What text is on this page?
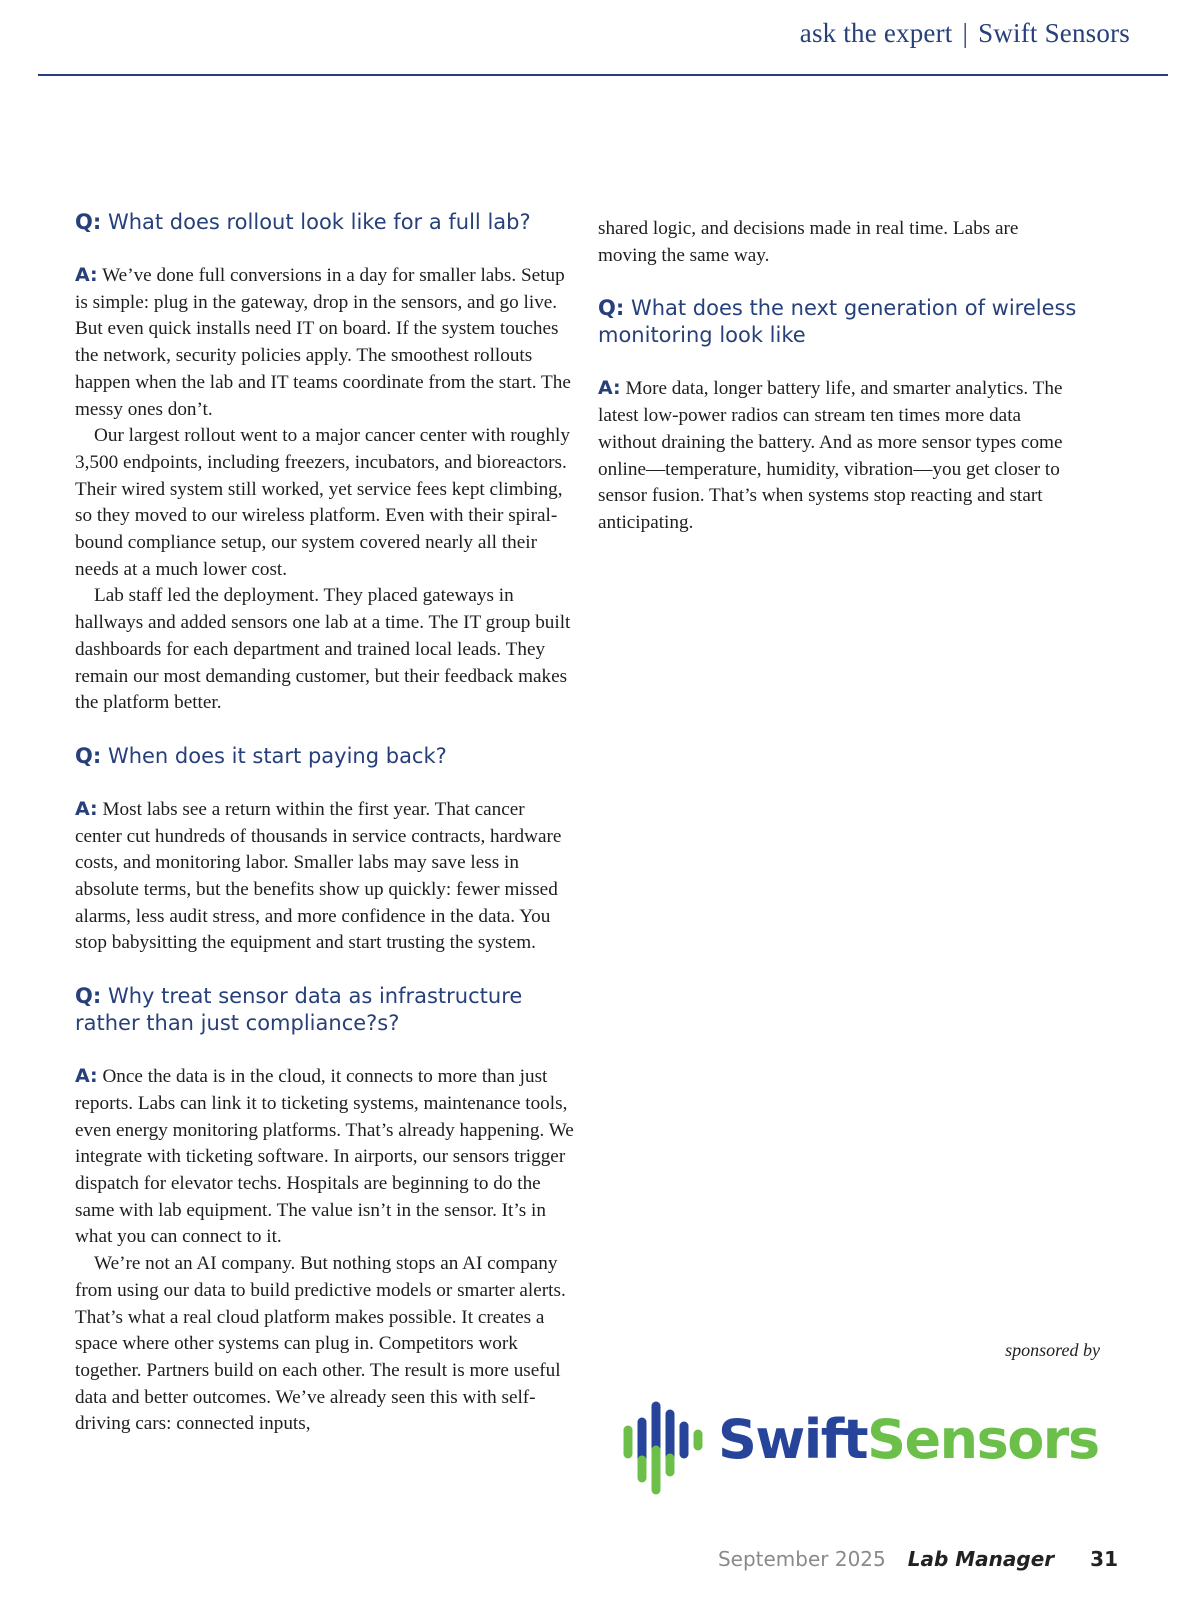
ask the expert | Swift Sensors
Q: What does rollout look like for a full lab?

A: We’ve done full conversions in a day for smaller labs. Setup is simple: plug in the gateway, drop in the sensors, and go live. But even quick installs need IT on board. If the system touches the network, security policies apply. The smoothest rollouts happen when the lab and IT teams coordinate from the start. The messy ones don’t.

Our largest rollout went to a major cancer center with roughly 3,500 endpoints, including freezers, incubators, and bioreactors. Their wired system still worked, yet service fees kept climbing, so they moved to our wireless platform. Even with their spiral-bound compliance setup, our system covered nearly all their needs at a much lower cost.

Lab staff led the deployment. They placed gateways in hallways and added sensors one lab at a time. The IT group built dashboards for each department and trained local leads. They remain our most demanding customer, but their feedback makes the platform better.

Q: When does it start paying back?

A: Most labs see a return within the first year. That cancer center cut hundreds of thousands in service contracts, hardware costs, and monitoring labor. Smaller labs may save less in absolute terms, but the benefits show up quickly: fewer missed alarms, less audit stress, and more confidence in the data. You stop babysitting the equipment and start trusting the system.

Q: Why treat sensor data as infrastructure rather than just compliance?s?

A: Once the data is in the cloud, it connects to more than just reports. Labs can link it to ticketing systems, maintenance tools, even energy monitoring platforms. That’s already happening. We integrate with ticketing software. In airports, our sensors trigger dispatch for elevator techs. Hospitals are beginning to do the same with lab equipment. The value isn’t in the sensor. It’s in what you can connect to it.

We’re not an AI company. But nothing stops an AI company from using our data to build predictive models or smarter alerts. That’s what a real cloud platform makes possible. It creates a space where other systems can plug in. Competitors work together. Partners build on each other. The result is more useful data and better outcomes. We’ve already seen this with self-driving cars: connected inputs,

shared logic, and decisions made in real time. Labs are moving the same way.

Q: What does the next generation of wireless monitoring look like

A: More data, longer battery life, and smarter analytics. The latest low-power radios can stream ten times more data without draining the battery. And as more sensor types come online—temperature, humidity, vibration—you get closer to sensor fusion. That’s when systems stop reacting and start anticipating.

sponsored by
SwiftSensors
September 2025 Lab Manager 31
